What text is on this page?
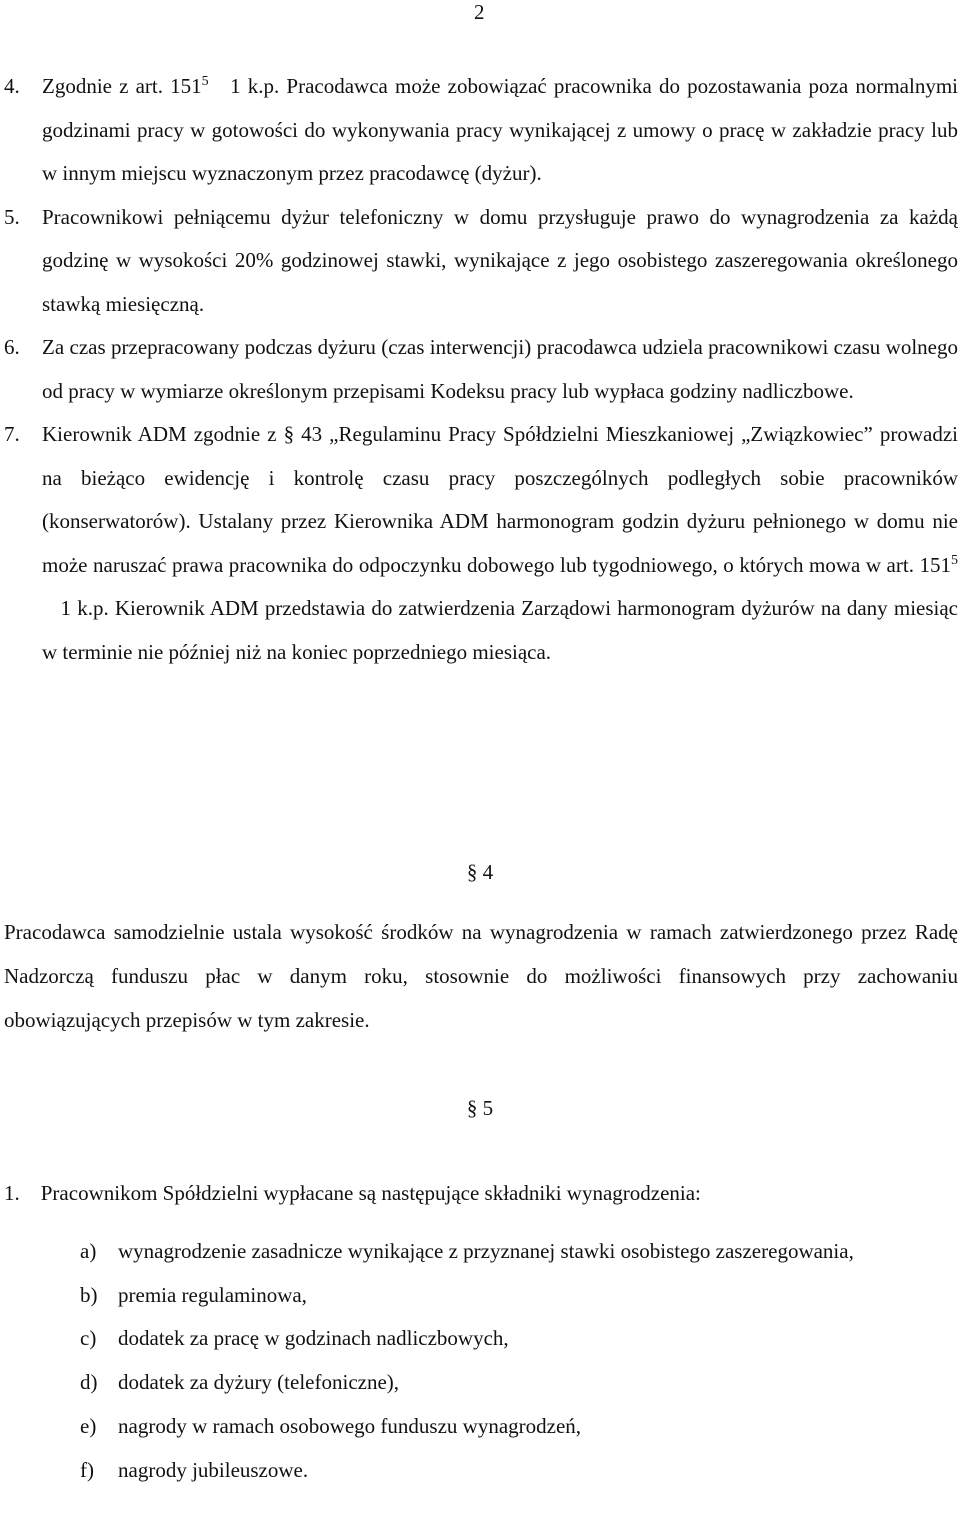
2
4. Zgodnie z art. $151^5$   1 k.p. Pracodawca może zobowiązać pracownika do pozostawania poza normalnymi godzinami pracy w gotowości do wykonywania pracy wynikającej z umowy o pracę w zakładzie pracy lub w innym miejscu wyznaczonym przez pracodawcę (dyżur).
5. Pracownikowi pełniącemu dyżur telefoniczny w domu przysługuje prawo do wynagrodzenia za każdą godzinę w wysokości 20% godzinowej stawki, wynikające z jego osobistego zaszeregowania określonego stawką miesięczną.
6. Za czas przepracowany podczas dyżuru (czas interwencji) pracodawca udziela pracownikowi czasu wolnego od pracy w wymiarze określonym przepisami Kodeksu pracy lub wypłaca godziny nadliczbowe.
7. Kierownik ADM zgodnie z § 43 „Regulaminu Pracy Spółdzielni Mieszkaniowej „Związkowiec” prowadzi na bieżąco ewidencję i kontrolę czasu pracy poszczególnych podległych sobie pracowników (konserwatorów). Ustalany przez Kierownika ADM harmonogram godzin dyżuru pełnionego w domu nie może naruszać prawa pracownika do odpoczynku dobowego lub tygodniowego, o których mowa w art. $151^5$    1 k.p. Kierownik ADM przedstawia do zatwierdzenia Zarządowi harmonogram dyżurów na dany miesiąc w terminie nie później niż na koniec poprzedniego miesiąca.
§ 4

Pracodawca samodzielnie ustala wysokość środków na wynagrodzenia w ramach zatwierdzonego przez Radę Nadzorczą funduszu płac w danym roku, stosownie do możliwości finansowych przy zachowaniu obowiązujących przepisów w tym zakresie.

§ 5
1. Pracownikom Spółdzielni wypłacane są następujące składniki wynagrodzenia:
a) wynagrodzenie zasadnicze wynikające z przyznanej stawki osobistego zaszeregowania,
b) premia regulaminowa,
c) dodatek za pracę w godzinach nadliczbowych,
d) dodatek za dyżury (telefoniczne),
e) nagrody w ramach osobowego funduszu wynagrodzeń,
f) nagrody jubileuszowe.
